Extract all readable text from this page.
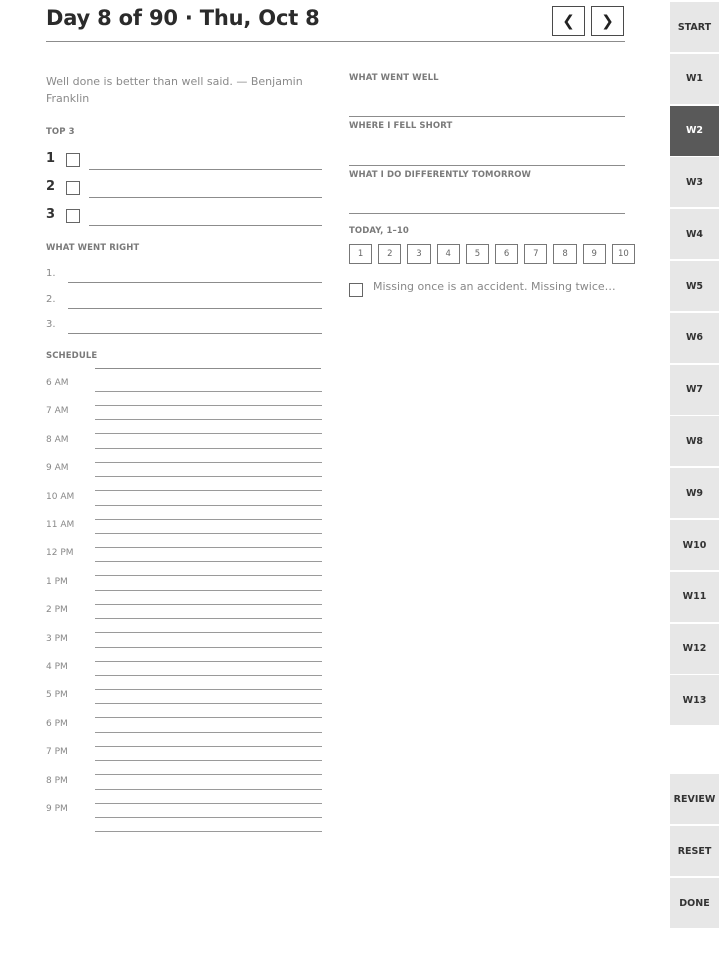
Day 8 of 90 · Thu, Oct 8	❮ ❯
Well done is better than well said. — Benjamin Franklin
TOP 3
1
2
3
WHAT WENT RIGHT
1.
2.
3.
SCHEDULE
6 AM
7 AM
8 AM
9 AM
10 AM
11 AM
12 PM
1 PM
2 PM
3 PM
4 PM
5 PM
6 PM
7 PM
8 PM
9 PM
WHAT WENT WELL
WHERE I FELL SHORT
WHAT I DO DIFFERENTLY TOMORROW
TODAY, 1–10
1	2	3	4	5	6	7	8	9	10
Missing once is an accident. Missing twice…
START
W1
W2
W3
W4
W5
W6
W7
W8
W9
W10
W11
W12
W13
REVIEW
RESET
DONE
